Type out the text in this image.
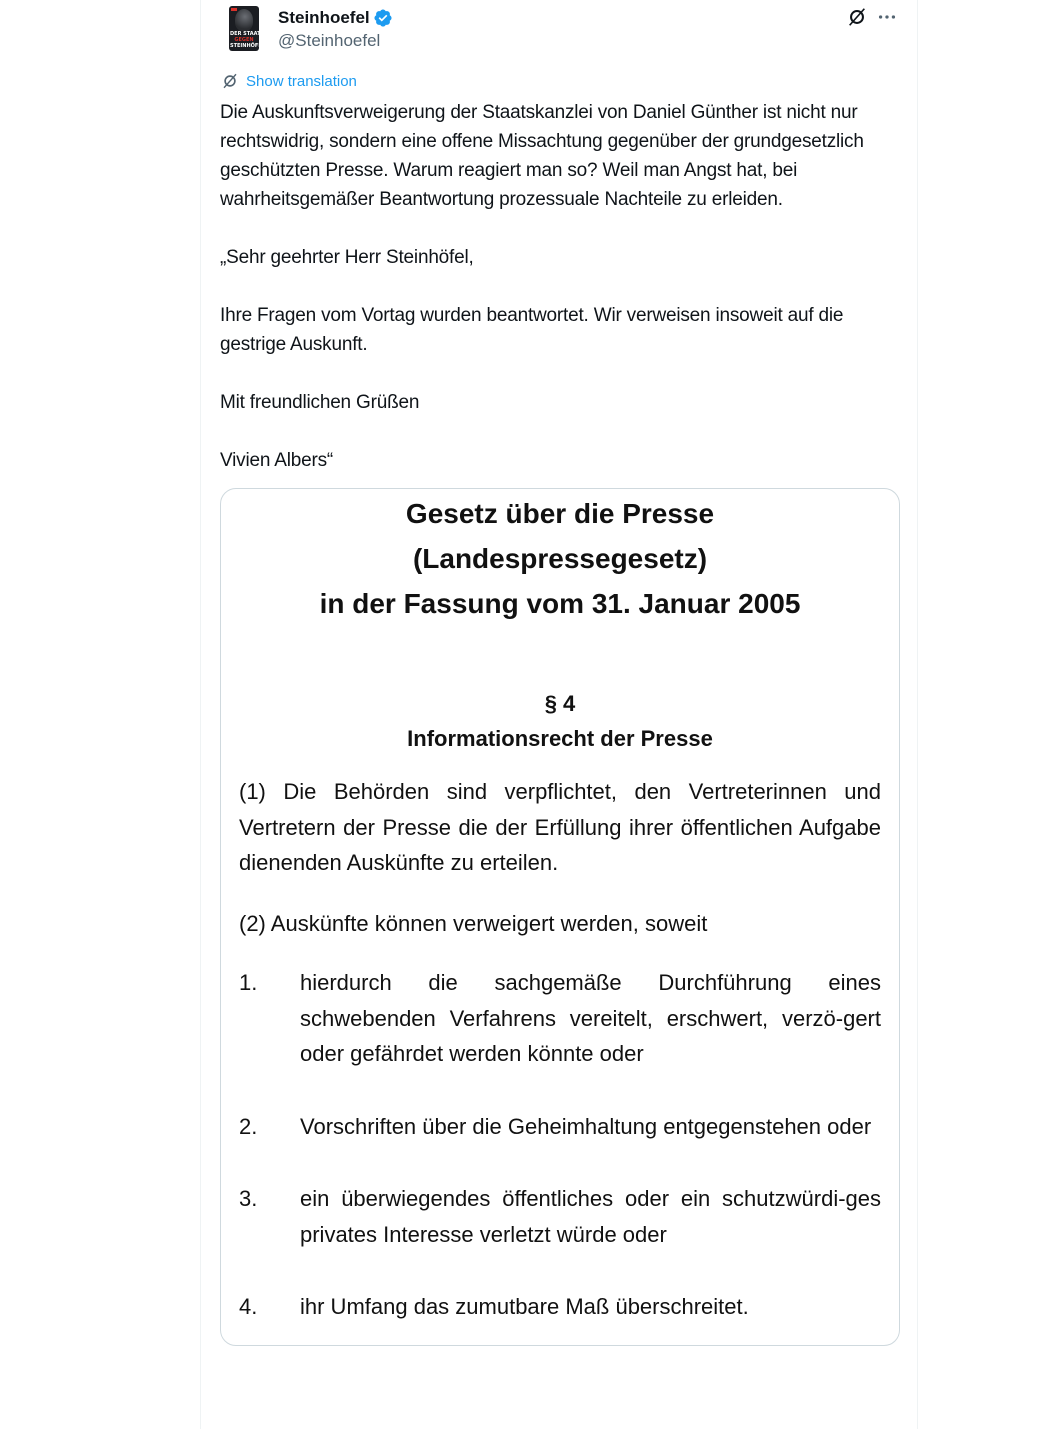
DER STAAT
GEGEN
STEINHÖFEL
Steinhoefel
@Steinhoefel
Show translation

Die Auskunftsverweigerung der Staatskanzlei von Daniel Günther ist nicht nur rechtswidrig, sondern eine offene Missachtung gegenüber der grundgesetzlich geschützten Presse. Warum reagiert man so? Weil man Angst hat, bei wahrheitsgemäßer Beantwortung prozessuale Nachteile zu erleiden.

„Sehr geehrter Herr Steinhöfel,

Ihre Fragen vom Vortag wurden beantwortet. Wir verweisen insoweit auf die gestrige Auskunft.

Mit freundlichen Grüßen

Vivien Albers“

Gesetz über die Presse
(Landespressegesetz)
in der Fassung vom 31. Januar 2005
§ 4
Informationsrecht der Presse
(1) Die Behörden sind verpflichtet, den Vertreterinnen und Vertretern der Presse die der Erfüllung ihrer öffentlichen Aufgabe dienenden Auskünfte zu erteilen.
(2) Auskünfte können verweigert werden, soweit
1.	hierdurch die sachgemäße Durchführung eines schwebenden Verfahrens vereitelt, erschwert, verzö-gert oder gefährdet werden könnte oder
2.	Vorschriften über die Geheimhaltung entgegenstehen oder
3.	ein überwiegendes öffentliches oder ein schutzwürdi-ges privates Interesse verletzt würde oder
4.	ihr Umfang das zumutbare Maß überschreitet.
